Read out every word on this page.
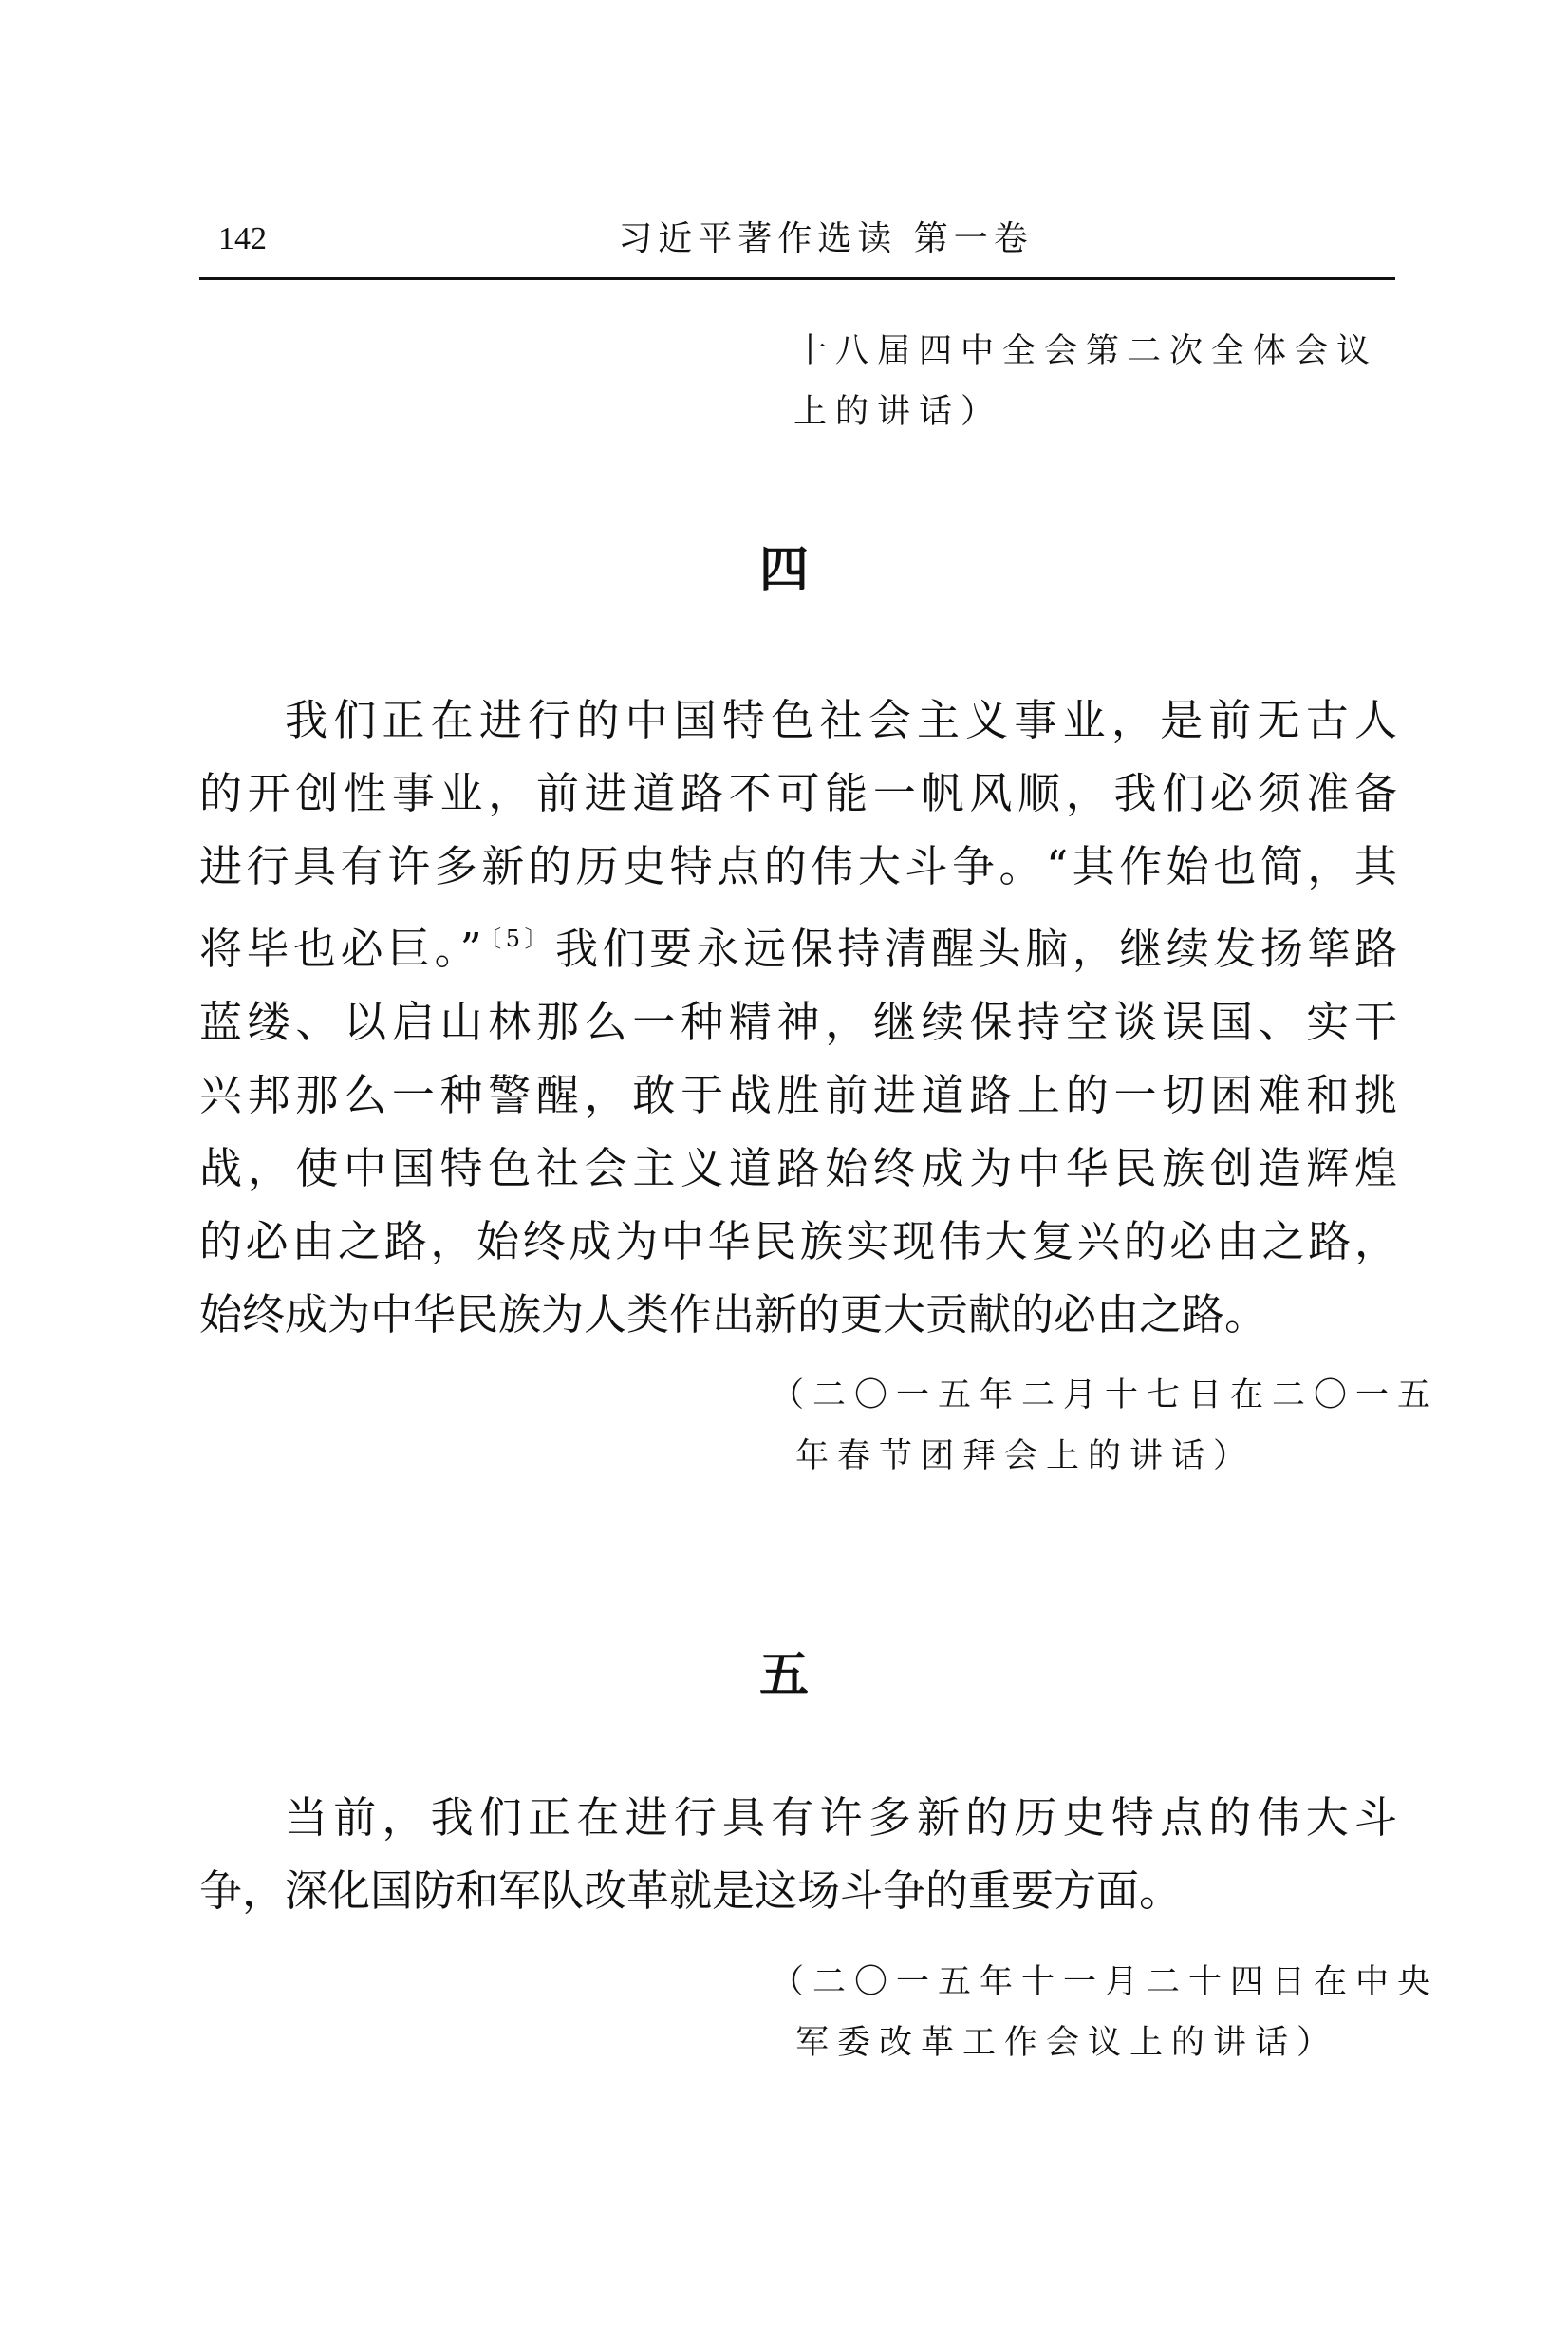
142	习近平著作选读 第一卷
十八届四中全会第二次全体会议
上的讲话）
四
我们正在进行的中国特色社会主义事业，是前无古人
的开创性事业，前进道路不可能一帆风顺，我们必须准备
进行具有许多新的历史特点的伟大斗争。“其作始也简，其
将毕也必巨。” $^{〔5〕}$我们要永远保持清醒头脑，继续发扬筚路
蓝缕、以启山林那么一种精神，继续保持空谈误国、实干
兴邦那么一种警醒，敢于战胜前进道路上的一切困难和挑
战，使中国特色社会主义道路始终成为中华民族创造辉煌
的必由之路，始终成为中华民族实现伟大复兴的必由之路，
始终成为中华民族为人类作出新的更大贡献的必由之路。
（二〇一五年二月十七日在二〇一五
年春节团拜会上的讲话）
五
当前，我们正在进行具有许多新的历史特点的伟大斗
争，深化国防和军队改革就是这场斗争的重要方面。
（二〇一五年十一月二十四日在中央
军委改革工作会议上的讲话）
